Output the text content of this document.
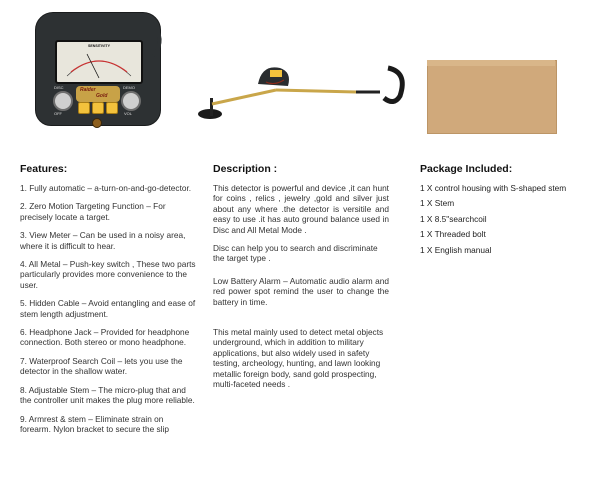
SENSITIVITY
DISC
OFF
DEMO
VOL
Raider
Gold
Features:

1. Fully automatic – a-turn-on-and-go-detector.

2. Zero Motion Targeting Function – For precisely locate a target.

3. View Meter – Can be used in a noisy area, where it is difficult to hear.

4. All Metal – Push-key switch , These two parts particularly provides more convenience to the user.

5. Hidden Cable – Avoid entangling and ease of stem length adjustment.

6. Headphone Jack – Provided for headphone connection. Both stereo or mono headphone.

7. Waterproof Search Coil – lets you use the detector in the shallow water.

8. Adjustable Stem – The micro-plug that and the controller unit makes the plug more reliable.

9. Armrest & stem – Eliminate strain on forearm. Nylon bracket to secure the slip

Description :

This detector is powerful and device ,it can hunt for coins , relics , jewelry ,gold and silver just about any where .the detector is versitile and easy to use .it has auto ground balance used in Disc and All Metal Mode .

Disc can help you to search and discriminate the target type .

Low Battery Alarm – Automatic audio alarm and red power spot remind the user to change the battery in time.

This metal mainly used to detect metal objects underground, which in addition to military applications, but also widely used in safety testing, archeology, hunting, and lawn looking metallic foreign body, sand gold prospecting, multi-faceted needs .

Package Included:

1 X control housing with S-shaped stem

1 X Stem

1 X 8.5"searchcoil

1 X Threaded bolt

1 X English manual
